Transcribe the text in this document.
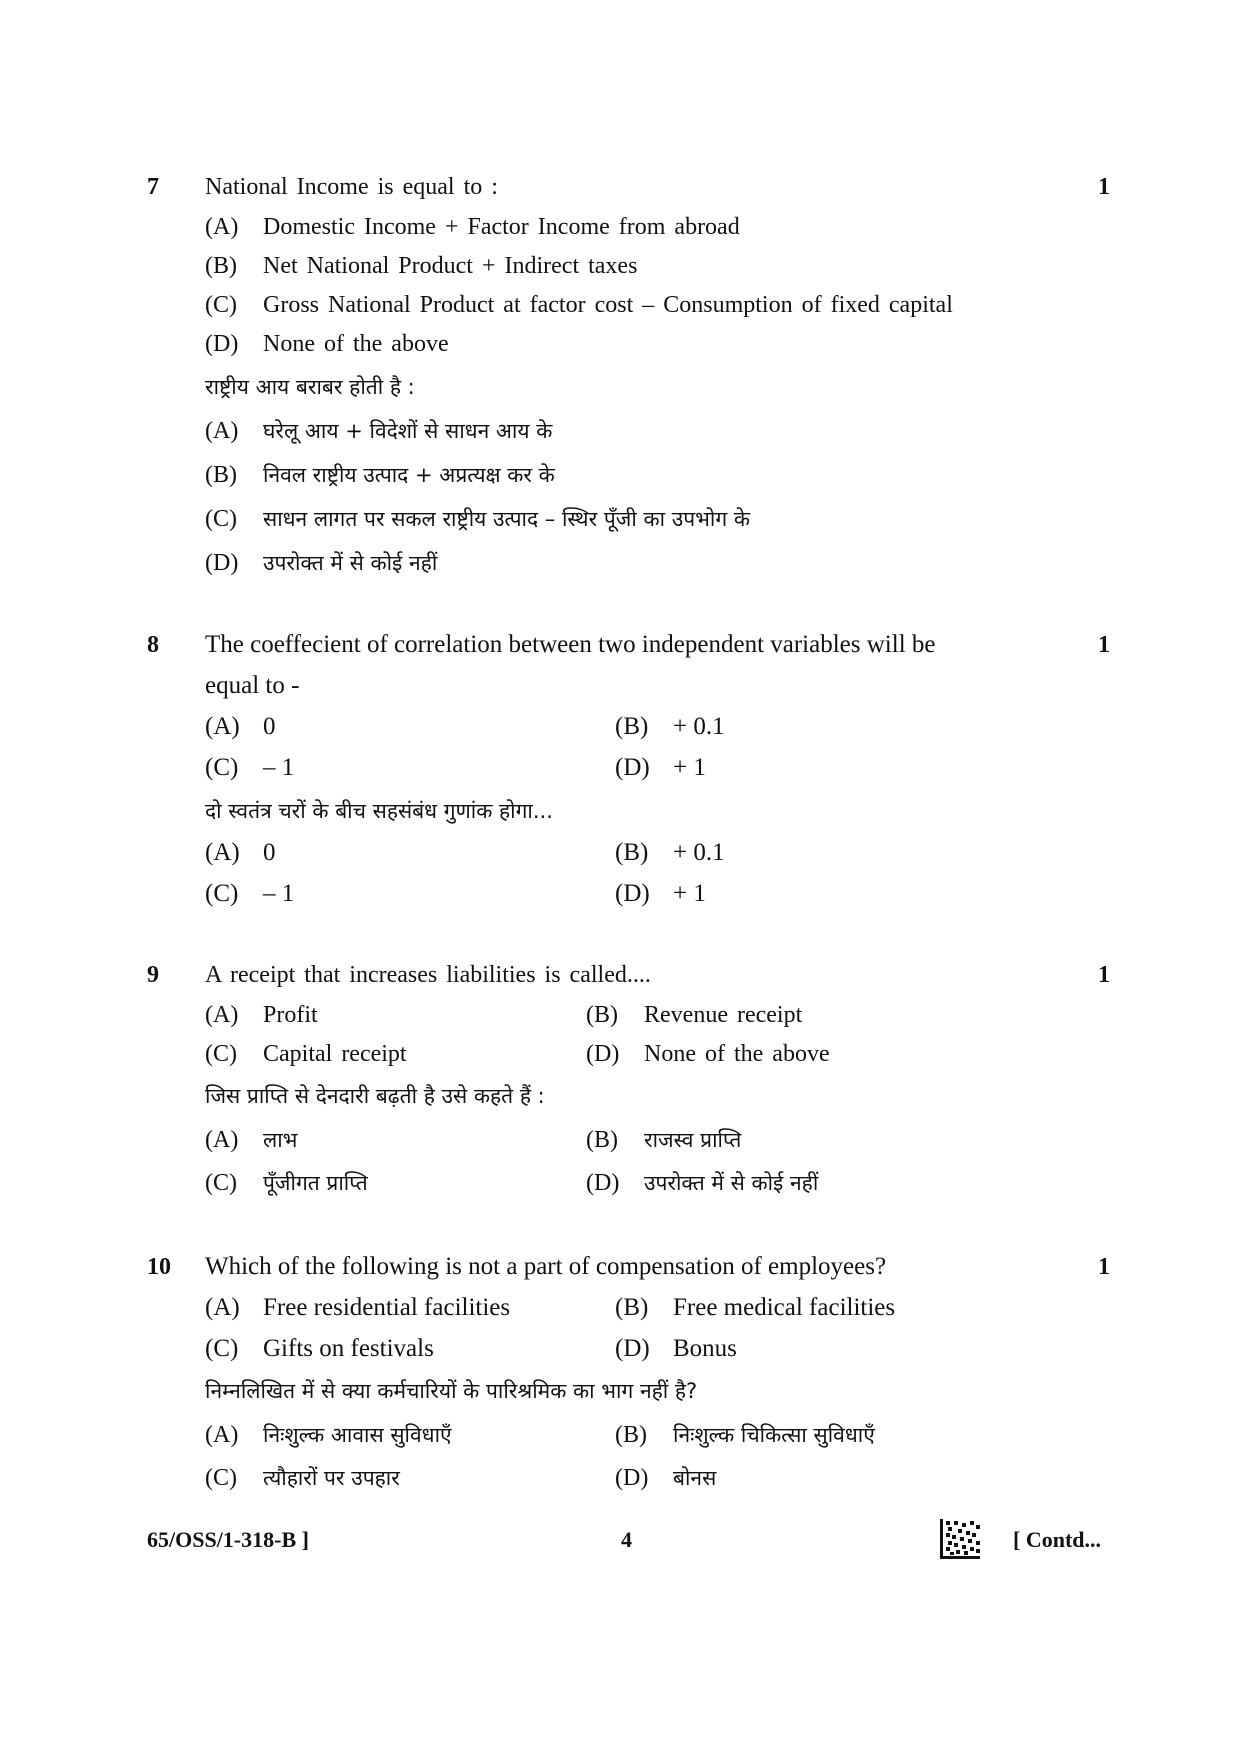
7 National Income is equal to :	1
(A) Domestic Income + Factor Income from abroad
(B) Net National Product + Indirect taxes
(C) Gross National Product at factor cost – Consumption of fixed capital
(D) None of the above
राष्ट्रीय आय बराबर होती है :
(A) घरेलू आय + विदेशों से साधन आय के
(B) निवल राष्ट्रीय उत्पाद + अप्रत्यक्ष कर के
(C) साधन लागत पर सकल राष्ट्रीय उत्पाद – स्थिर पूँजी का उपभोग के
(D) उपरोक्त में से कोई नहीं
8 The coeffecient of correlation between two independent variables will be
equal to -
1
(A) 0	(B) + 0.1
(C) – 1	(D) + 1
दो स्वतंत्र चरों के बीच सहसंबंध गुणांक होगा...
(A) 0	(B) + 0.1
(C) – 1	(D) + 1
9 A receipt that increases liabilities is called....	1
(A) Profit	(B) Revenue receipt
(C) Capital receipt	(D) None of the above
जिस प्राप्ति से देनदारी बढ़ती है उसे कहते हैं :
(A) लाभ	(B) राजस्व प्राप्ति
(C) पूँजीगत प्राप्ति	(D) उपरोक्त में से कोई नहीं
10 Which of the following is not a part of compensation of employees?	1
(A) Free residential facilities	(B) Free medical facilities
(C) Gifts on festivals	(D) Bonus
निम्नलिखित में से क्या कर्मचारियों के पारिश्रमिक का भाग नहीं है?
(A) निःशुल्क आवास सुविधाएँ	(B) निःशुल्क चिकित्सा सुविधाएँ
(C) त्यौहारों पर उपहार	(D) बोनस
65/OSS/1-318-B ]	4	[ Contd...
